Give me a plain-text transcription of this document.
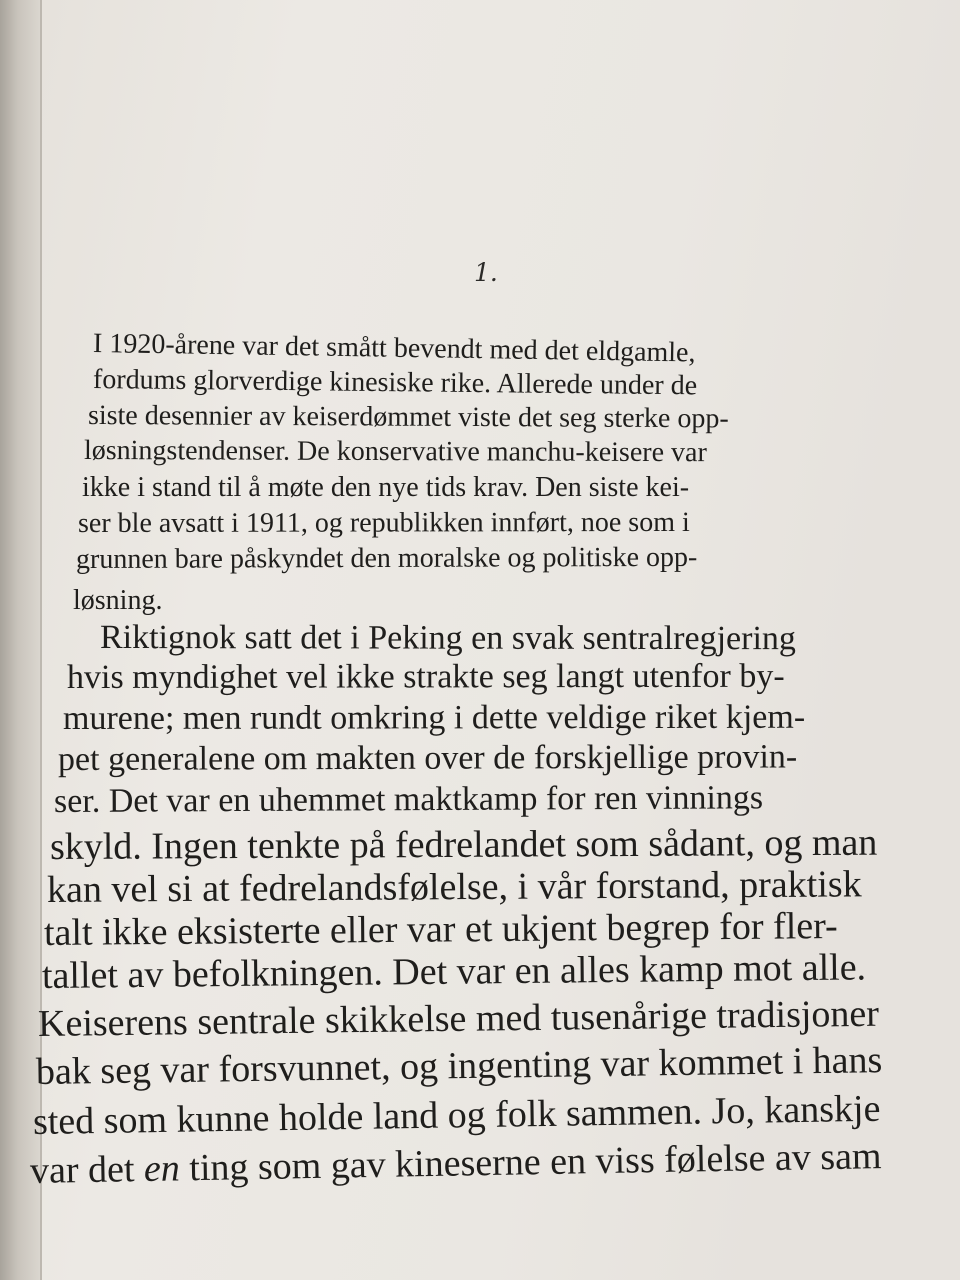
1.
I 1920-årene var det smått bevendt med det eldgamle,
fordums glorverdige kinesiske rike. Allerede under de
siste desennier av keiserdømmet viste det seg sterke opp-
løsningstendenser. De konservative manchu-keisere var
ikke i stand til å møte den nye tids krav. Den siste kei-
ser ble avsatt i 1911, og republikken innført, noe som i
grunnen bare påskyndet den moralske og politiske opp-
løsning.
Riktignok satt det i Peking en svak sentralregjering
hvis myndighet vel ikke strakte seg langt utenfor by-
murene; men rundt omkring i dette veldige riket kjem-
pet generalene om makten over de forskjellige provin-
ser. Det var en uhemmet maktkamp for ren vinnings
skyld. Ingen tenkte på fedrelandet som sådant, og man
kan vel si at fedrelandsfølelse, i vår forstand, praktisk
talt ikke eksisterte eller var et ukjent begrep for fler-
tallet av befolkningen. Det var en alles kamp mot alle.
Keiserens sentrale skikkelse med tusenårige tradisjoner
bak seg var forsvunnet, og ingenting var kommet i hans
sted som kunne holde land og folk sammen. Jo, kanskje
var det en ting som gav kineserne en viss følelse av sam
